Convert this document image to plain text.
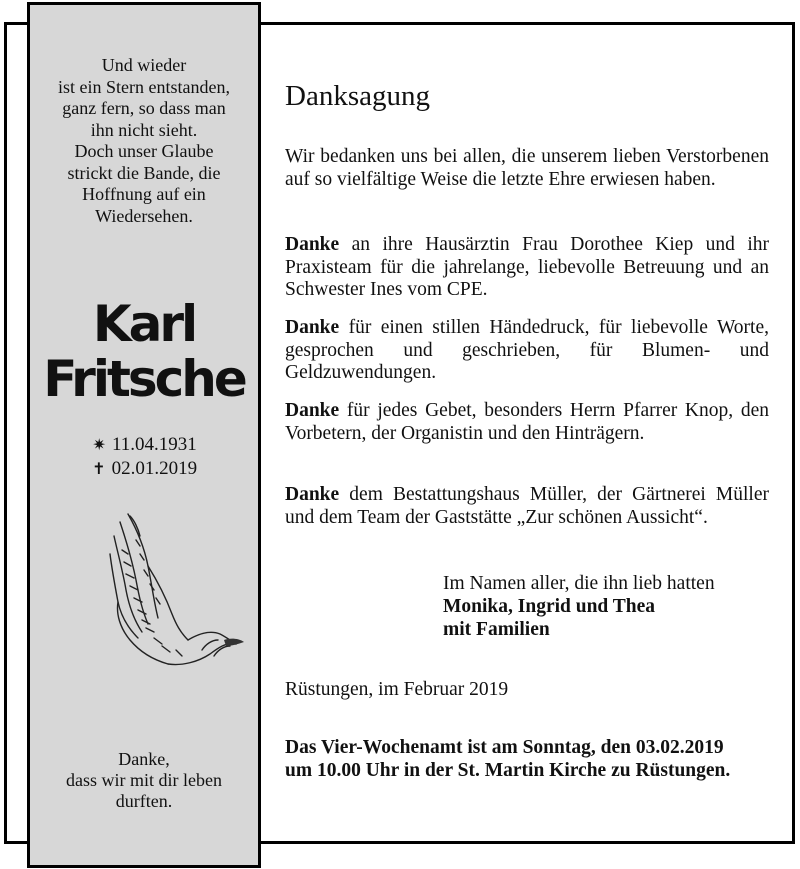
Und wieder
ist ein Stern entstanden,
ganz fern, so dass man
ihn nicht sieht.
Doch unser Glaube
strickt die Bande, die
Hoffnung auf ein
Wiedersehen.
Karl
Fritsche
✷ 11.04.1931
✝ 02.01.2019
Danke,
dass wir mit dir leben
durften.
Danksagung
Wir bedanken uns bei allen, die unserem lieben Verstorbenen auf so vielfältige Weise die letzte Ehre erwiesen haben.
Danke an ihre Hausärztin Frau Dorothee Kiep und ihr Praxisteam für die jahrelange, liebevolle Betreuung und an Schwester Ines vom CPE.
Danke für einen stillen Händedruck, für liebevolle Worte, gesprochen und geschrieben, für Blumen- und Geldzuwendungen.
Danke für jedes Gebet, besonders Herrn Pfarrer Knop, den Vorbetern, der Organistin und den Hinträgern.
Danke dem Bestattungshaus Müller, der Gärtnerei Müller und dem Team der Gaststätte „Zur schönen Aussicht“.
Im Namen aller, die ihn lieb hatten
Monika, Ingrid und Thea
mit Familien
Rüstungen, im Februar 2019
Das Vier-Wochenamt ist am Sonntag, den 03.02.2019
um 10.00 Uhr in der St. Martin Kirche zu Rüstungen.
